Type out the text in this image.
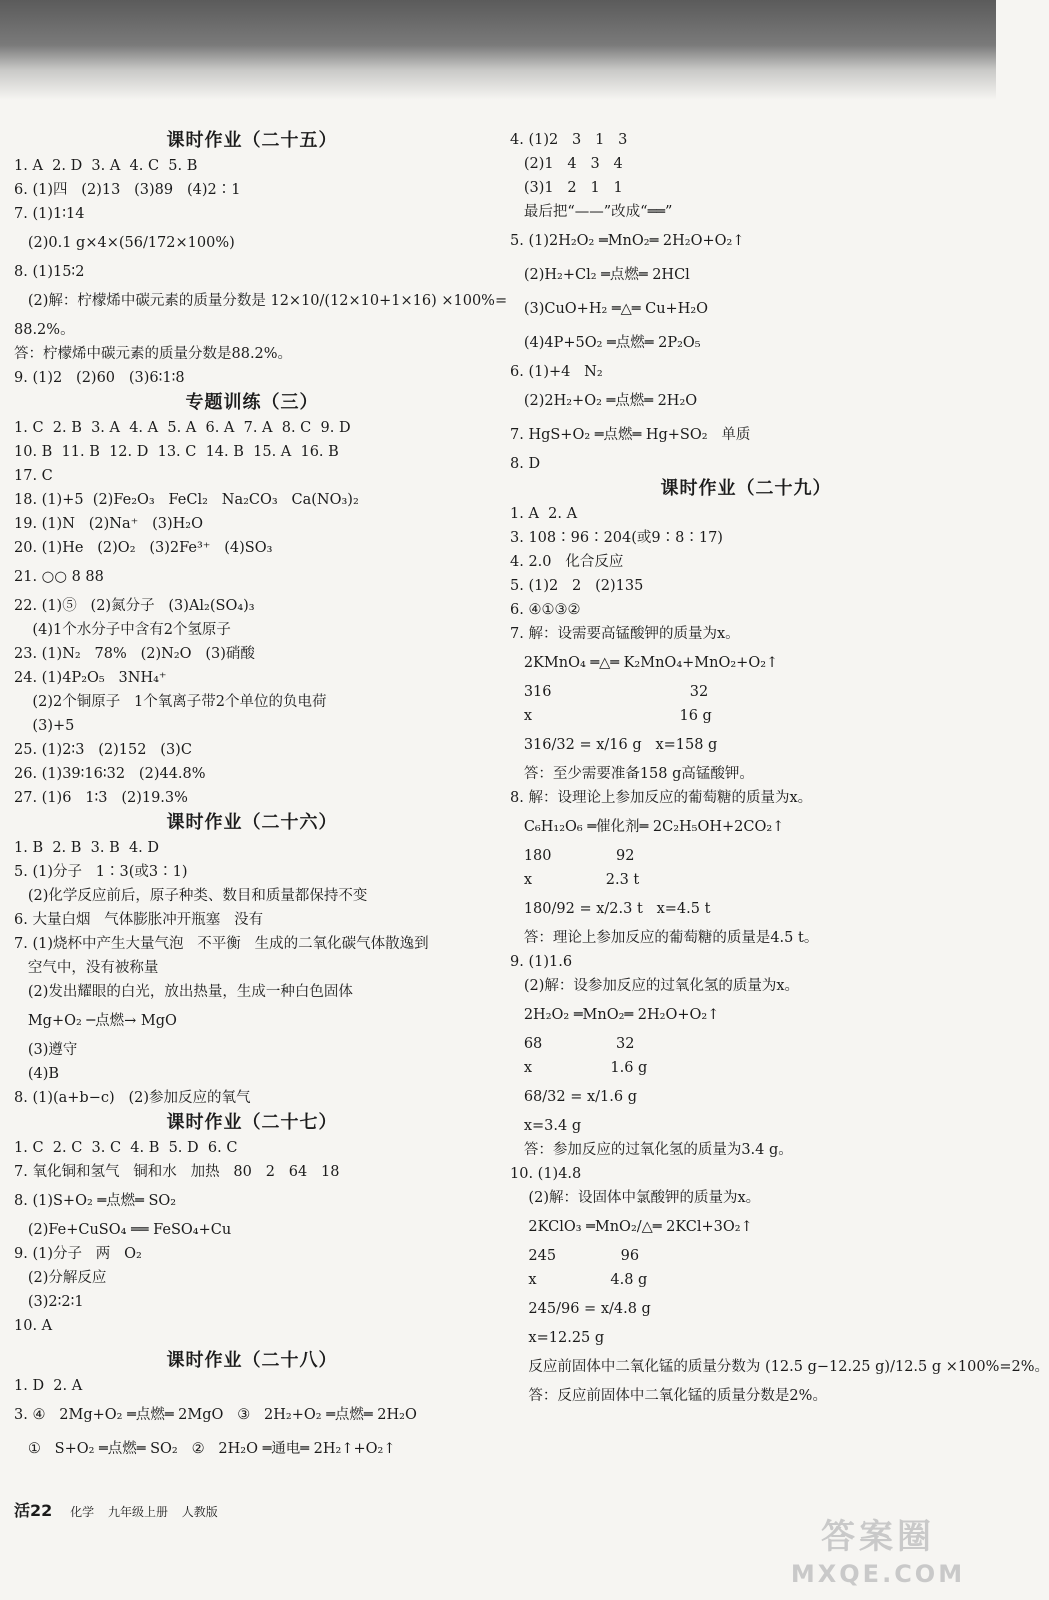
课时作业（二十五）
1. A  2. D  3. A  4. C  5. B
6. (1)四   (2)13   (3)89   (4)2∶1
7. (1)1∶14
(2)0.1 g×4×(56/172×100%)
8. (1)15∶2
(2)解：柠檬烯中碳元素的质量分数是 12×10/(12×10+1×16) ×100%=
88.2%。
答：柠檬烯中碳元素的质量分数是88.2%。
9. (1)2   (2)60   (3)6∶1∶8
专题训练（三）
1. C  2. B  3. A  4. A  5. A  6. A  7. A  8. C  9. D
10. B  11. B  12. D  13. C  14. B  15. A  16. B
17. C
18. (1)+5  (2)Fe₂O₃   FeCl₂   Na₂CO₃   Ca(NO₃)₂
19. (1)N   (2)Na⁺   (3)H₂O
20. (1)He   (2)O₂   (3)2Fe³⁺   (4)SO₃
21. ○○ 8 88
22. (1)⑤   (2)氮分子   (3)Al₂(SO₄)₃
(4)1个水分子中含有2个氢原子
23. (1)N₂   78%   (2)N₂O   (3)硝酸
24. (1)4P₂O₅   3NH₄⁺
(2)2个铜原子   1个氧离子带2个单位的负电荷
(3)+5
25. (1)2∶3   (2)152   (3)C
26. (1)39∶16∶32   (2)44.8%
27. (1)6   1∶3   (2)19.3%
课时作业（二十六）
1. B  2. B  3. B  4. D
5. (1)分子   1∶3(或3∶1)
(2)化学反应前后，原子种类、数目和质量都保持不变
6. 大量白烟   气体膨胀冲开瓶塞   没有
7. (1)烧杯中产生大量气泡   不平衡   生成的二氧化碳气体散逸到
空气中，没有被称量
(2)发出耀眼的白光，放出热量，生成一种白色固体
Mg+O₂ ─点燃→ MgO
(3)遵守
(4)B
8. (1)(a+b−c)   (2)参加反应的氧气
课时作业（二十七）
1. C  2. C  3. C  4. B  5. D  6. C
7. 氧化铜和氢气   铜和水   加热   80   2   64   18
8. (1)S+O₂ ═点燃═ SO₂
(2)Fe+CuSO₄ ══ FeSO₄+Cu
9. (1)分子   两   O₂
(2)分解反应
(3)2∶2∶1
10. A
课时作业（二十八）
1. D  2. A
3. ④   2Mg+O₂ ═点燃═ 2MgO   ③   2H₂+O₂ ═点燃═ 2H₂O
①   S+O₂ ═点燃═ SO₂   ②   2H₂O ═通电═ 2H₂↑+O₂↑
4. (1)2   3   1   3
(2)1   4   3   4
(3)1   2   1   1
最后把“——”改成“══”
5. (1)2H₂O₂ ═MnO₂═ 2H₂O+O₂↑
(2)H₂+Cl₂ ═点燃═ 2HCl
(3)CuO+H₂ ═△═ Cu+H₂O
(4)4P+5O₂ ═点燃═ 2P₂O₅
6. (1)+4   N₂
(2)2H₂+O₂ ═点燃═ 2H₂O
7. HgS+O₂ ═点燃═ Hg+SO₂   单质
8. D
课时作业（二十九）
1. A  2. A
3. 108∶96∶204(或9∶8∶17)
4. 2.0   化合反应
5. (1)2   2   (2)135
6. ④①③②
7. 解：设需要高锰酸钾的质量为x。
2KMnO₄ ═△═ K₂MnO₄+MnO₂+O₂↑
316                              32
x                                16 g
316/32 = x/16 g   x=158 g
答：至少需要准备158 g高锰酸钾。
8. 解：设理论上参加反应的葡萄糖的质量为x。
C₆H₁₂O₆ ═催化剂═ 2C₂H₅OH+2CO₂↑
180              92
x                2.3 t
180/92 = x/2.3 t   x=4.5 t
答：理论上参加反应的葡萄糖的质量是4.5 t。
9. (1)1.6
(2)解：设参加反应的过氧化氢的质量为x。
2H₂O₂ ═MnO₂═ 2H₂O+O₂↑
68                32
x                 1.6 g
68/32 = x/1.6 g
x=3.4 g
答：参加反应的过氧化氢的质量为3.4 g。
10. (1)4.8
(2)解：设固体中氯酸钾的质量为x。
2KClO₃ ═MnO₂/△═ 2KCl+3O₂↑
245              96
x                4.8 g
245/96 = x/4.8 g
x=12.25 g
反应前固体中二氧化锰的质量分数为 (12.5 g−12.25 g)/12.5 g ×100%=2%。
答：反应前固体中二氧化锰的质量分数是2%。
活22 化学 九年级上册 人教版
答案圈
MXQE.COM
